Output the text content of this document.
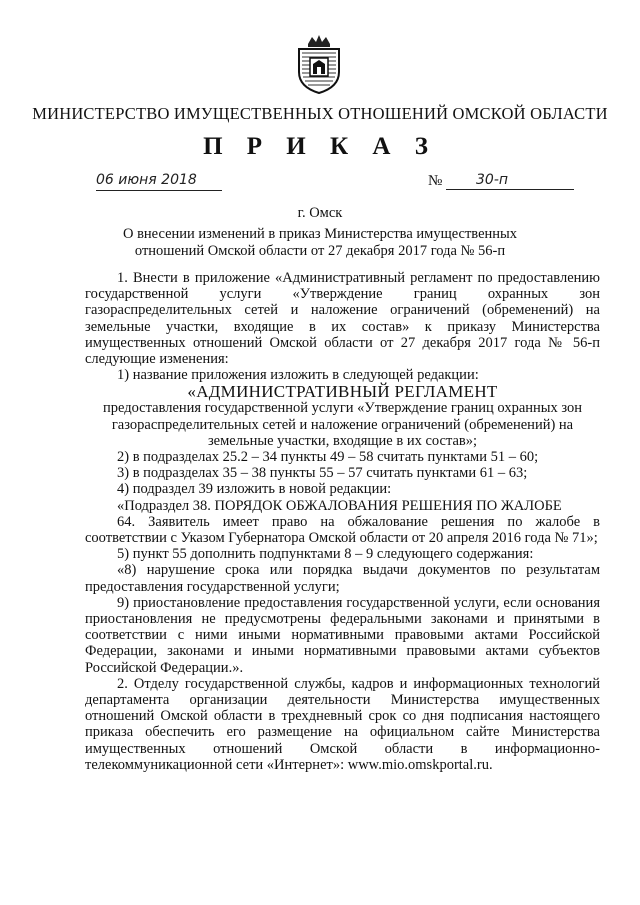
МИНИСТЕРСТВО ИМУЩЕСТВЕННЫХ ОТНОШЕНИЙ ОМСКОЙ ОБЛАСТИ
П Р И К А З
06 июня 2018	№	30-п
г. Омск
О внесении изменений в приказ Министерства имущественных отношений Омской области от 27 декабря 2017 года № 56-п

1. Внести в приложение «Административный регламент по предоставлению государственной услуги «Утверждение границ охранных зон газораспределительных сетей и наложение ограничений (обременений) на земельные участки, входящие в их состав» к приказу Министерства имущественных отношений Омской области от 27 декабря 2017 года № 56-п следующие изменения:

1) название приложения изложить в следующей редакции:

«АДМИНИСТРАТИВНЫЙ РЕГЛАМЕНТ

предоставления государственной услуги «Утверждение границ охранных зон газораспределительных сетей и наложение ограничений (обременений) на земельные участки, входящие в их состав»;

2) в подразделах 25.2 – 34 пункты 49 – 58 считать пунктами 51 – 60;

3) в подразделах 35 – 38 пункты 55 – 57 считать пунктами 61 – 63;

4) подраздел 39 изложить в новой редакции:

«Подраздел 38. ПОРЯДОК ОБЖАЛОВАНИЯ РЕШЕНИЯ ПО ЖАЛОБЕ

64. Заявитель имеет право на обжалование решения по жалобе в соответствии с Указом Губернатора Омской области от 20 апреля 2016 года № 71»;

5) пункт 55 дополнить подпунктами 8 – 9 следующего содержания:

«8) нарушение срока или порядка выдачи документов по результатам предоставления государственной услуги;

9) приостановление предоставления государственной услуги, если основания приостановления не предусмотрены федеральными законами и принятыми в соответствии с ними иными нормативными правовыми актами Российской Федерации, законами и иными нормативными правовыми актами субъектов Российской Федерации.».

2. Отделу государственной службы, кадров и информационных технологий департамента организации деятельности Министерства имущественных отношений Омской области в трехдневный срок со дня подписания настоящего приказа обеспечить его размещение на официальном сайте Министерства имущественных отношений Омской области в информационно-телекоммуникационной сети «Интернет»: www.mio.omskportal.ru.
